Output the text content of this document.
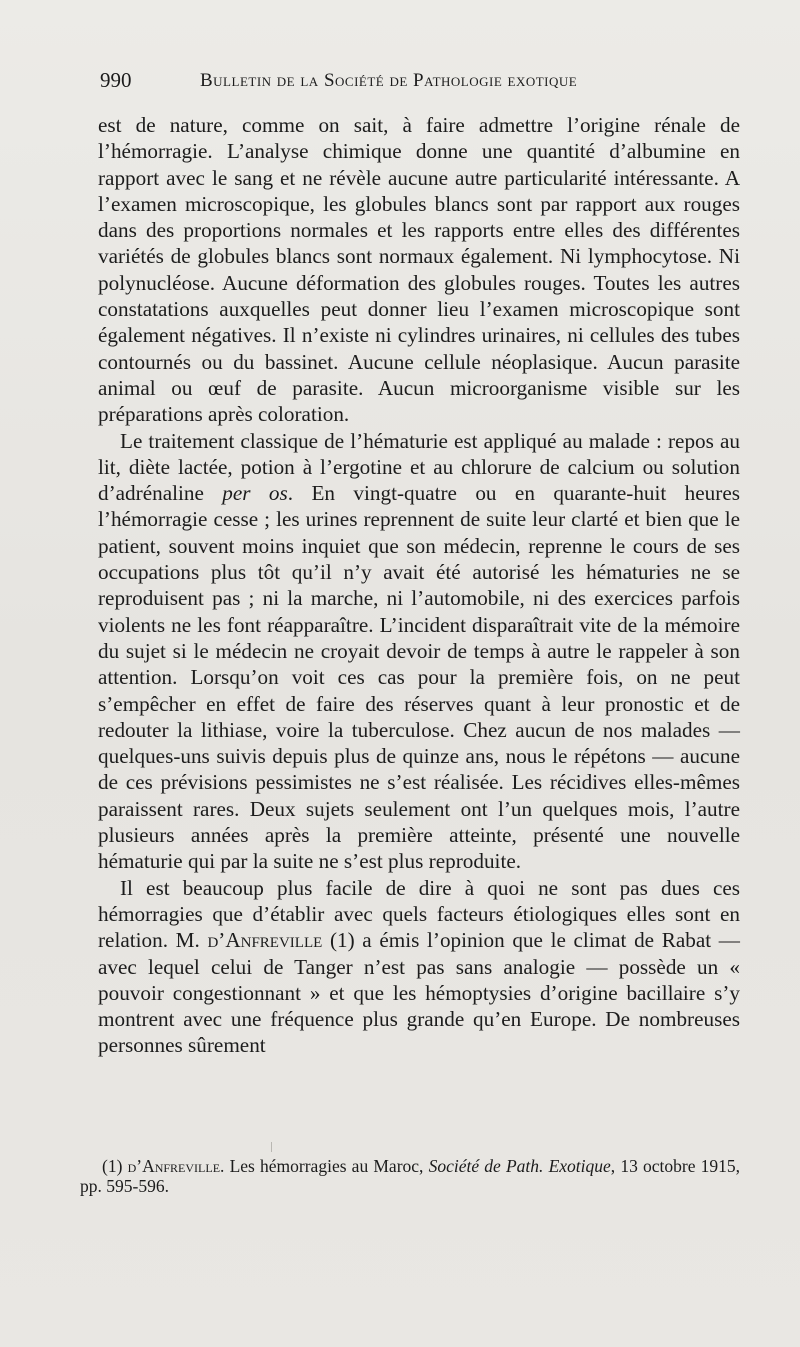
990	Bulletin de la Société de Pathologie exotique

est de nature, comme on sait, à faire admettre l’origine rénale de l’hémorragie. L’analyse chimique donne une quantité d’albumine en rapport avec le sang et ne révèle aucune autre particularité intéressante. A l’examen microscopique, les globules blancs sont par rapport aux rouges dans des proportions normales et les rapports entre elles des différentes variétés de globules blancs sont normaux également. Ni lymphocytose. Ni polynucléose. Aucune déformation des globules rouges. Toutes les autres constatations auxquelles peut donner lieu l’examen microscopique sont également négatives. Il n’existe ni cylindres urinaires, ni cellules des tubes contournés ou du bassinet. Aucune cellule néoplasique. Aucun parasite animal ou œuf de parasite. Aucun microorganisme visible sur les préparations après coloration.

Le traitement classique de l’hématurie est appliqué au malade : repos au lit, diète lactée, potion à l’ergotine et au chlorure de calcium ou solution d’adrénaline per os. En vingt-quatre ou en quarante-huit heures l’hémorragie cesse ; les urines reprennent de suite leur clarté et bien que le patient, souvent moins inquiet que son médecin, reprenne le cours de ses occupations plus tôt qu’il n’y avait été autorisé les hématuries ne se reproduisent pas ; ni la marche, ni l’automobile, ni des exercices parfois violents ne les font réapparaître. L’incident disparaîtrait vite de la mémoire du sujet si le médecin ne croyait devoir de temps à autre le rappeler à son attention. Lorsqu’on voit ces cas pour la première fois, on ne peut s’empêcher en effet de faire des réserves quant à leur pronostic et de redouter la lithiase, voire la tuberculose. Chez aucun de nos malades — quelques-uns suivis depuis plus de quinze ans, nous le répétons — aucune de ces prévisions pessimistes ne s’est réalisée. Les récidives elles-mêmes paraissent rares. Deux sujets seulement ont l’un quelques mois, l’autre plusieurs années après la première atteinte, présenté une nouvelle hématurie qui par la suite ne s’est plus reproduite.

Il est beaucoup plus facile de dire à quoi ne sont pas dues ces hémorragies que d’établir avec quels facteurs étiologiques elles sont en relation. M. d’Anfreville (1) a émis l’opinion que le climat de Rabat — avec lequel celui de Tanger n’est pas sans analogie — possède un « pouvoir congestionnant » et que les hémoptysies d’origine bacillaire s’y montrent avec une fréquence plus grande qu’en Europe. De nombreuses personnes sûrement

(1) d’Anfreville. Les hémorragies au Maroc, Société de Path. Exotique, 13 octobre 1915, pp. 595-596.
